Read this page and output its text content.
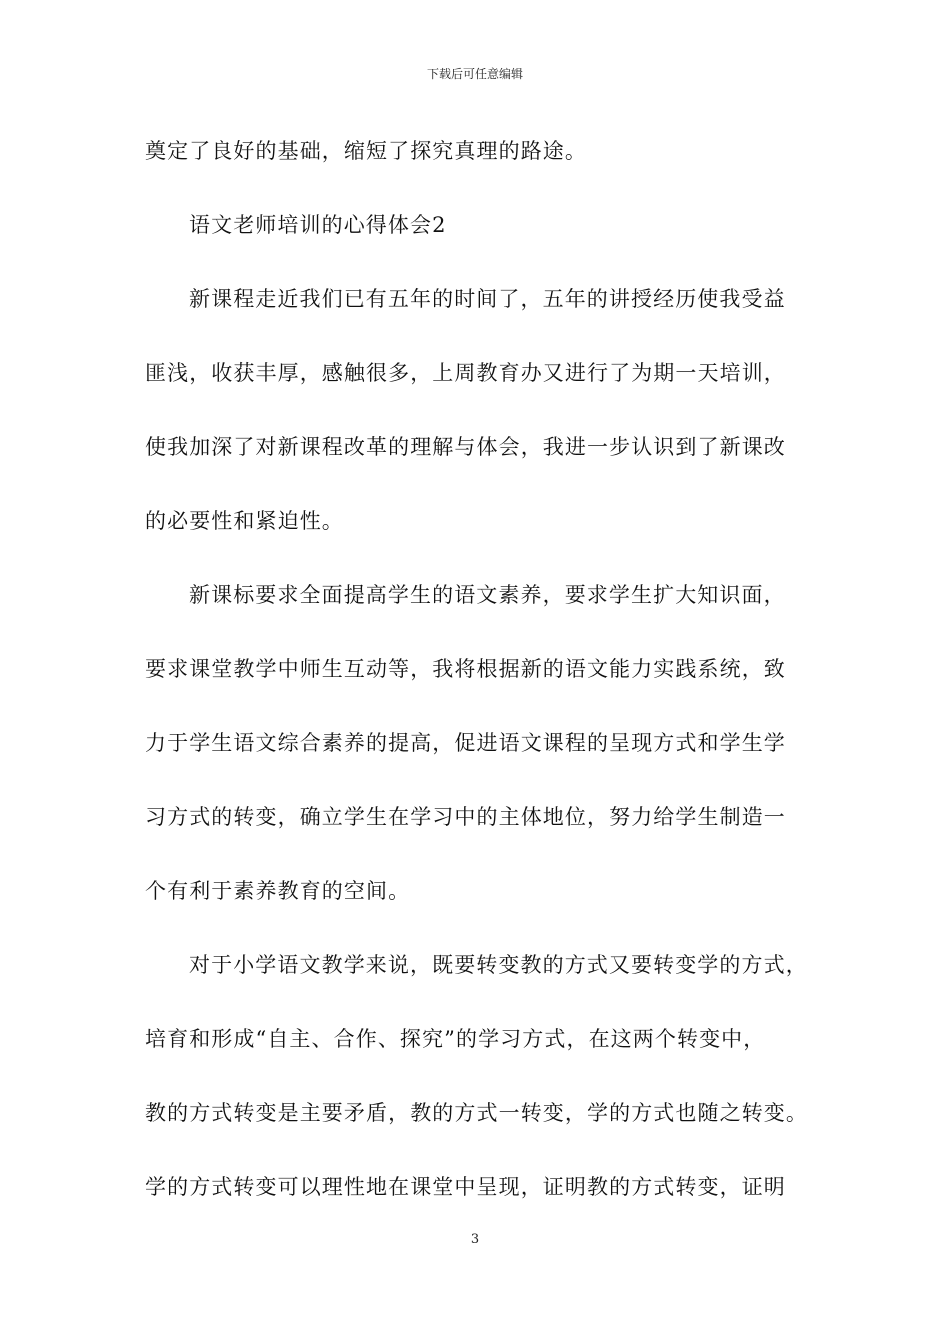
下载后可任意编辑
奠定了良好的基础，缩短了探究真理的路途。
语文老师培训的心得体会2
新课程走近我们已有五年的时间了，五年的讲授经历使我受益
匪浅，收获丰厚，感触很多，上周教育办又进行了为期一天培训，
使我加深了对新课程改革的理解与体会，我进一步认识到了新课改
的必要性和紧迫性。
新课标要求全面提高学生的语文素养，要求学生扩大知识面，
要求课堂教学中师生互动等，我将根据新的语文能力实践系统，致
力于学生语文综合素养的提高，促进语文课程的呈现方式和学生学
习方式的转变，确立学生在学习中的主体地位，努力给学生制造一
个有利于素养教育的空间。
对于小学语文教学来说，既要转变教的方式又要转变学的方式，
培育和形成“自主、合作、探究”的学习方式，在这两个转变中，
教的方式转变是主要矛盾，教的方式一转变，学的方式也随之转变。
学的方式转变可以理性地在课堂中呈现，证明教的方式转变，证明
3
